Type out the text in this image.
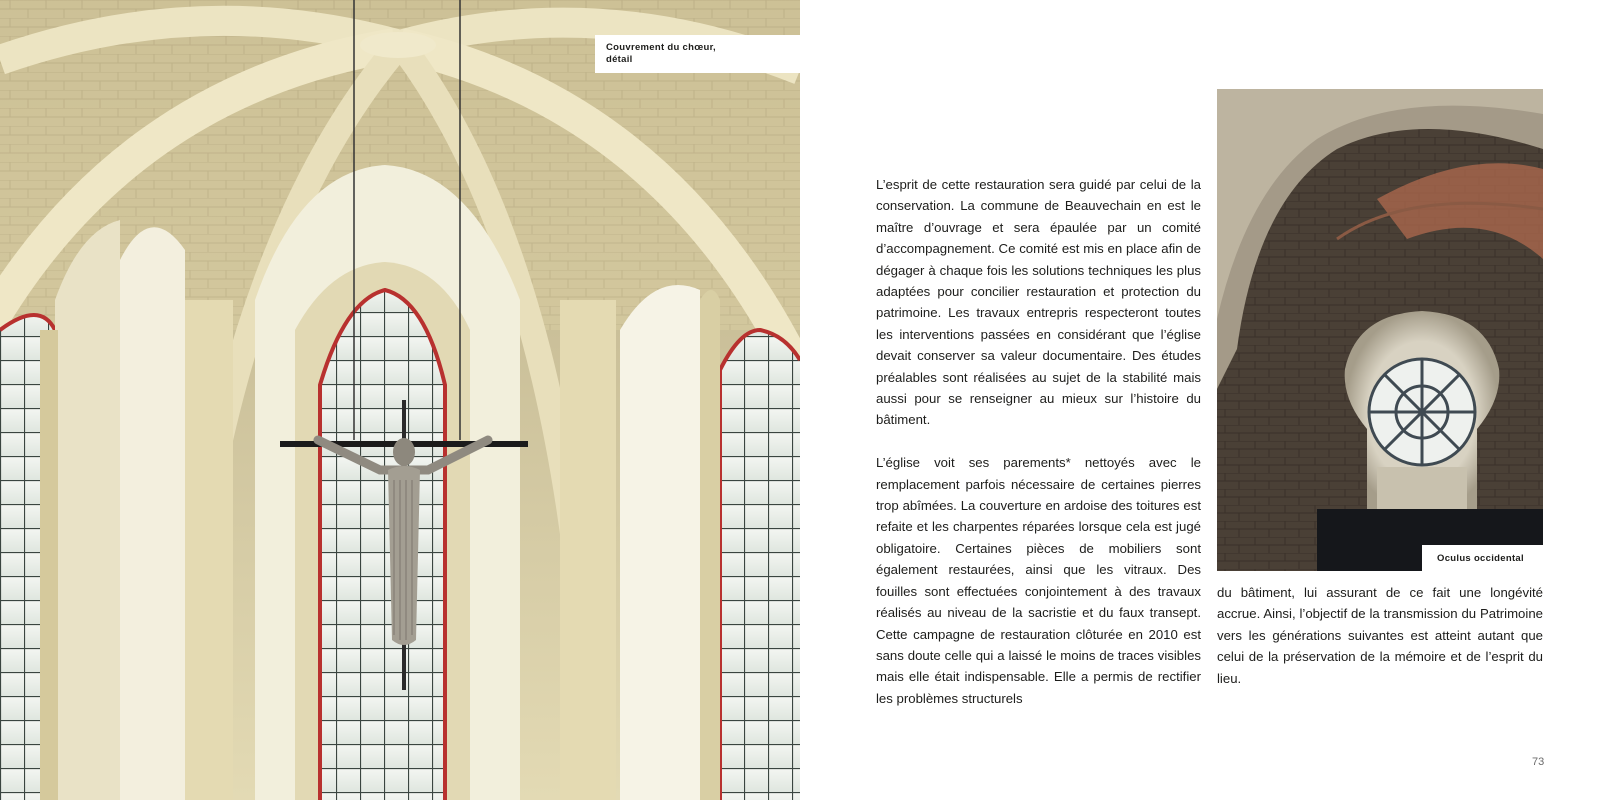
Couvrement du chœur, détail

L’esprit de cette restauration sera guidé par celui de la conservation. La commune de Beauvechain en est le maître d’ouvrage et sera épaulée par un comité d’accompagnement. Ce comité est mis en place afin de dégager à chaque fois les solutions techniques les plus adaptées pour concilier restauration et protection du patrimoine. Les travaux entrepris respecteront toutes les interventions passées en considérant que l’église devait conserver sa valeur documentaire. Des études préalables sont réalisées au sujet de la stabilité mais aussi pour se renseigner au mieux sur l’histoire du bâtiment.

L’église voit ses parements* nettoyés avec le remplacement parfois nécessaire de certaines pierres trop abîmées. La couverture en ardoise des toitures est refaite et les charpentes réparées lorsque cela est jugé obligatoire. Certaines pièces de mobiliers sont également restaurées, ainsi que les vitraux. Des fouilles sont effectuées conjointement à des travaux réalisés au niveau de la sacristie et du faux transept. Cette campagne de restauration clôturée en 2010 est sans doute celle qui a laissé le moins de traces visibles mais elle était indispensable. Elle a permis de rectifier les problèmes structurels

Oculus occidental

du bâtiment, lui assurant de ce fait une longévité accrue. Ainsi, l’objectif de la transmission du Patrimoine vers les générations suivantes est atteint autant que celui de la préservation de la mémoire et de l’esprit du lieu.

73
